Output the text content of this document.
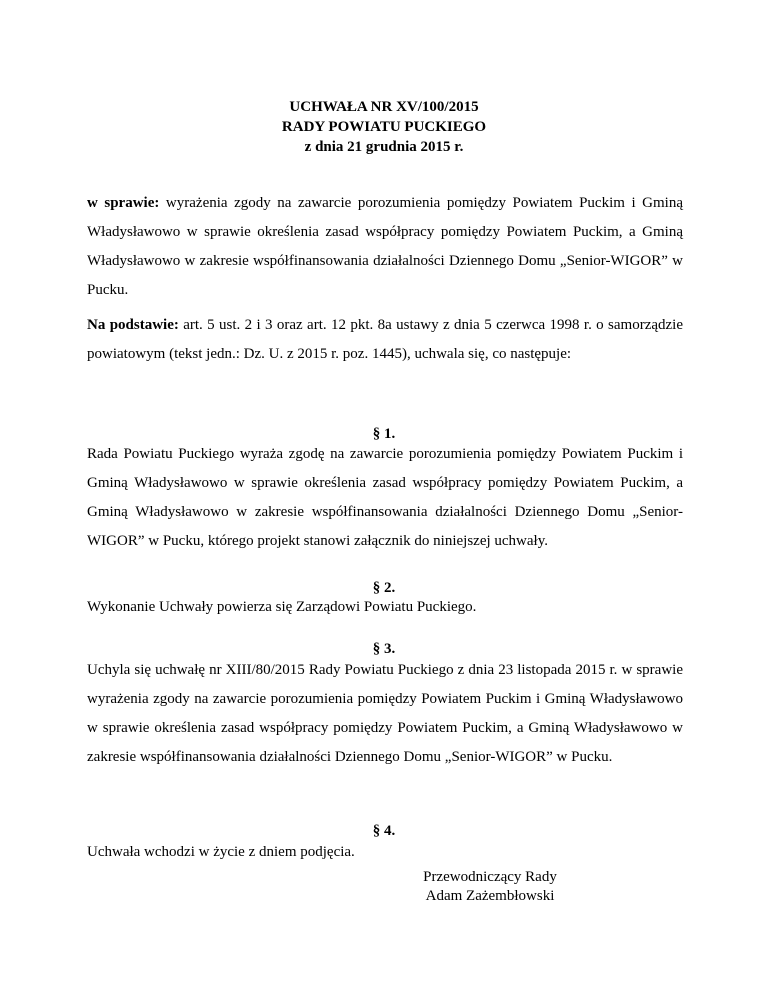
UCHWAŁA NR XV/100/2015
RADY POWIATU PUCKIEGO
z dnia 21 grudnia 2015 r.
w sprawie: wyrażenia zgody na zawarcie porozumienia pomiędzy Powiatem Puckim i Gminą Władysławowo w sprawie określenia zasad współpracy pomiędzy Powiatem Puckim, a Gminą Władysławowo w zakresie współfinansowania działalności Dziennego Domu „Senior-WIGOR” w Pucku.
Na podstawie: art. 5 ust. 2 i 3 oraz art. 12 pkt. 8a ustawy z dnia 5 czerwca 1998 r. o samorządzie powiatowym (tekst jedn.: Dz. U. z 2015 r. poz. 1445), uchwala się, co następuje:
§ 1.
Rada Powiatu Puckiego wyraża zgodę na zawarcie porozumienia pomiędzy Powiatem Puckim i Gminą Władysławowo w sprawie określenia zasad współpracy pomiędzy Powiatem Puckim, a Gminą Władysławowo w zakresie współfinansowania działalności Dziennego Domu „Senior-WIGOR” w Pucku, którego projekt stanowi załącznik do niniejszej uchwały.
§ 2.
Wykonanie Uchwały powierza się Zarządowi Powiatu Puckiego.
§ 3.
Uchyla się uchwałę nr XIII/80/2015 Rady Powiatu Puckiego z dnia 23 listopada 2015 r. w sprawie wyrażenia zgody na zawarcie porozumienia pomiędzy Powiatem Puckim i Gminą Władysławowo w sprawie określenia zasad współpracy pomiędzy Powiatem Puckim, a Gminą Władysławowo w zakresie współfinansowania działalności Dziennego Domu „Senior-WIGOR” w Pucku.
§ 4.
Uchwała wchodzi w życie z dniem podjęcia.
Przewodniczący Rady
Adam Zażembłowski
